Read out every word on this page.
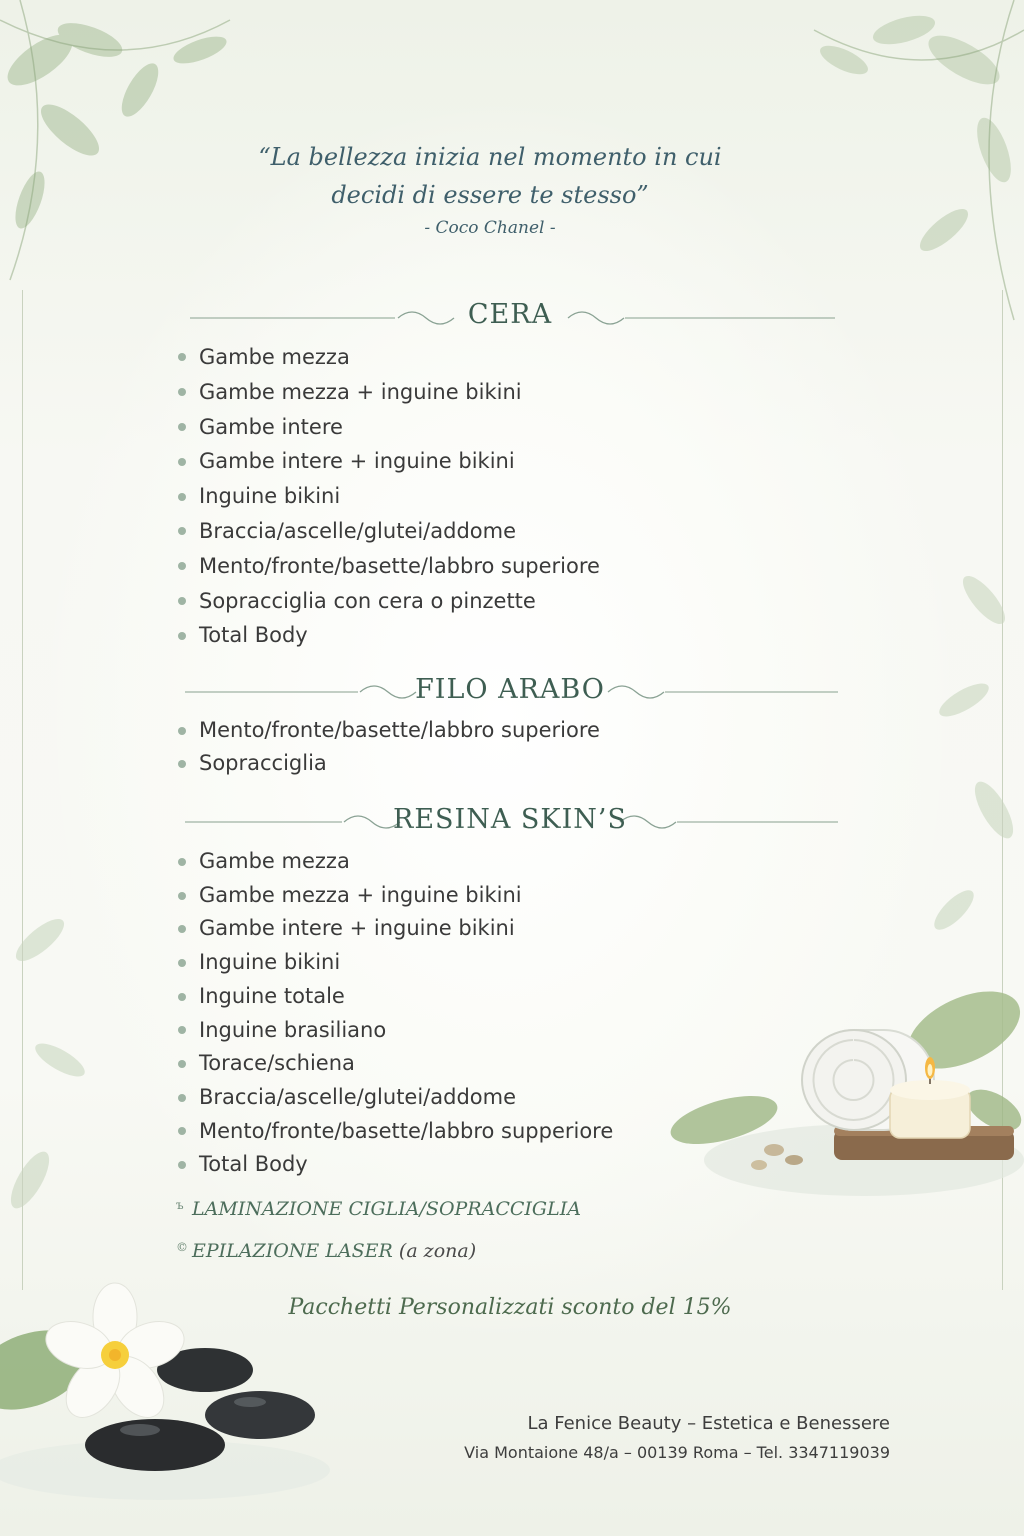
“La bellezza inizia nel momento in cui
decidi di essere te stesso”
- Coco Chanel -
CERA
Gambe mezza
Gambe mezza + inguine bikini
Gambe intere
Gambe intere + inguine bikini
Inguine bikini
Braccia/ascelle/glutei/addome
Mento/fronte/basette/labbro superiore
Sopracciglia con cera o pinzette
Total Body
FILO ARABO
Mento/fronte/basette/labbro superiore
Sopracciglia
RESINA SKIN’S
Gambe mezza
Gambe mezza + inguine bikini
Gambe intere + inguine bikini
Inguine bikini
Inguine totale
Inguine brasiliano
Torace/schiena
Braccia/ascelle/glutei/addome
Mento/fronte/basette/labbro supperiore
Total Body
ъ LAMINAZIONE CIGLIA/SOPRACCIGLIA
© EPILAZIONE LASER (a zona)
Pacchetti Personalizzati sconto del 15%
La Fenice Beauty – Estetica e Benessere
Via Montaione 48/a – 00139 Roma – Tel. 3347119039
